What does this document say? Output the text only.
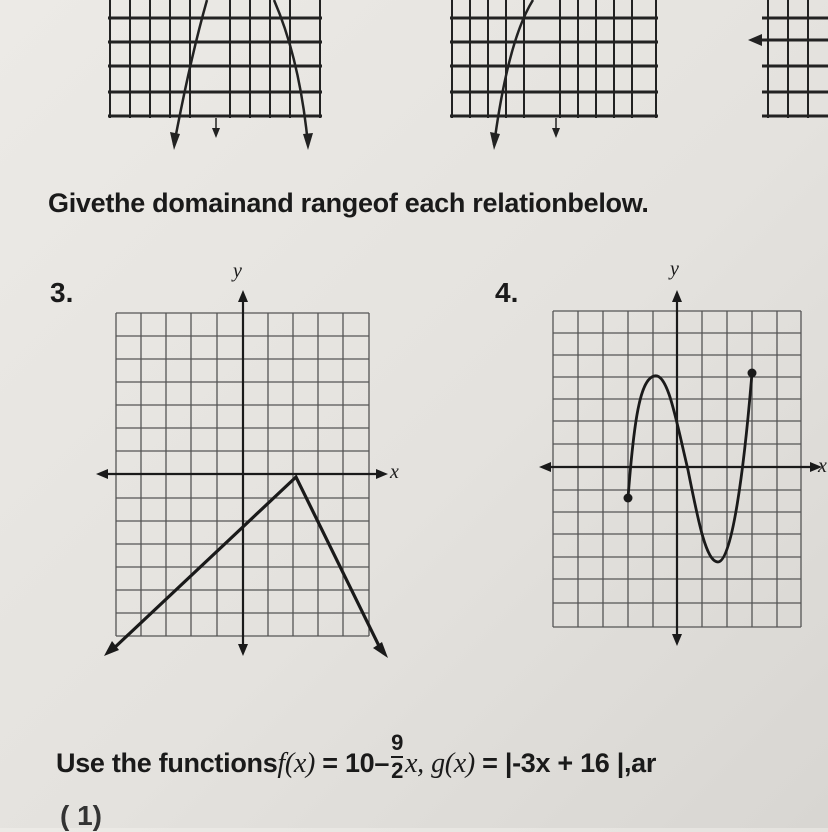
Givethe domainand rangeof each relationbelow.
3.	4.
y
x
y
x
Use the functionsf(x) = $10- \frac{9}{2} x$, g(x) = |-3x + 16 |,ar
( 1)
